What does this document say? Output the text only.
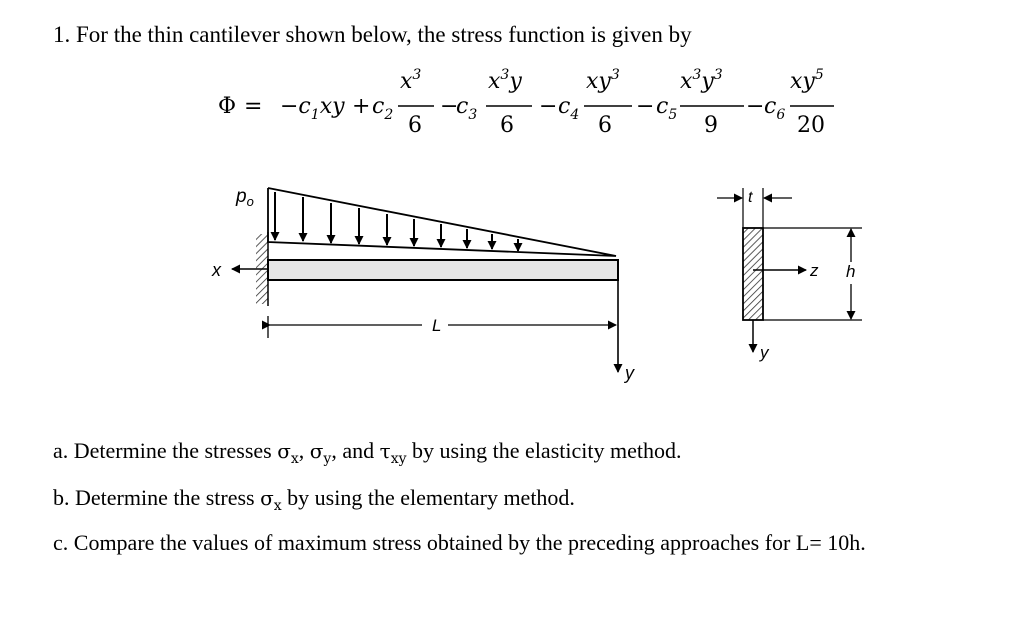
1. For the thin cantilever shown below, the stress function is given by
$\Phi = -c_1xy + c_2$
$x^3$
6
−
$c_3$
$x^3y$
6
− $c_4$
$xy^3$
6
− $c_5$
$x^3y^3$
9
− $c_6$
$xy^5$
20
$p_o$
x
L
y
t
z
y
h
a. Determine the stresses $\sigma_x$, $\sigma_y$, and $\tau_{xy}$ by using the elasticity method.
b. Determine the stress $\sigma_x$ by using the elementary method.
c. Compare the values of maximum stress obtained by the preceding approaches for L= 10h.
